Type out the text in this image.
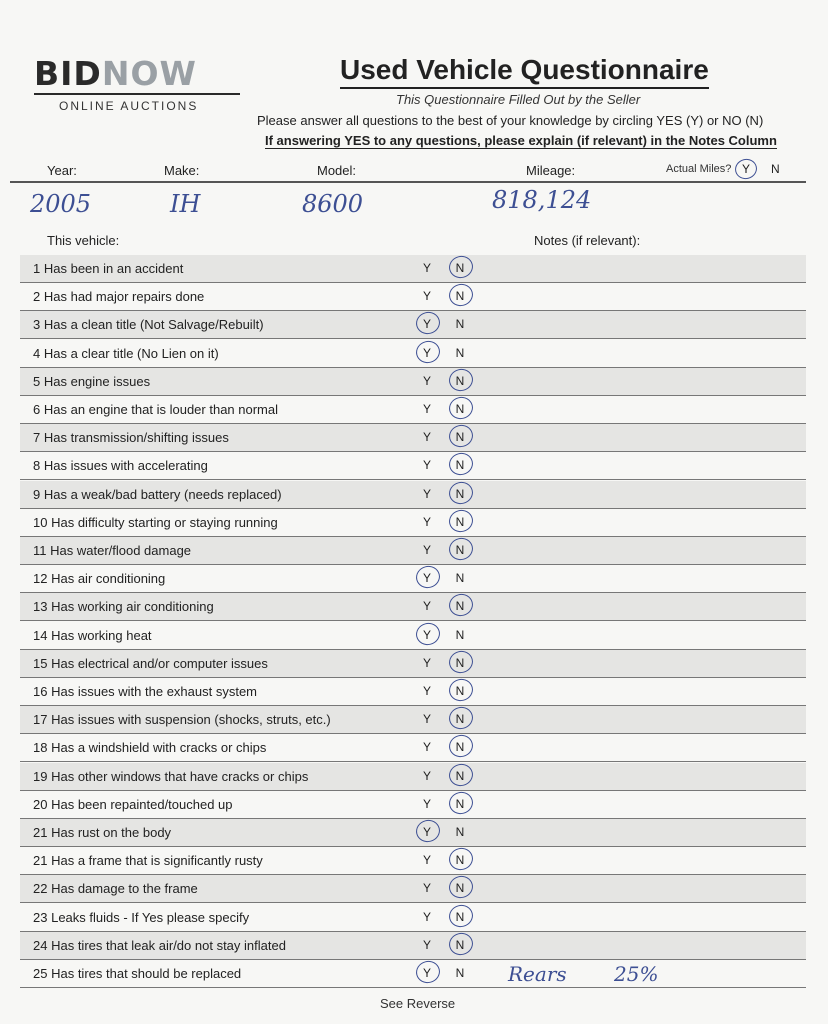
BIDNOW
ONLINE AUCTIONS
Used Vehicle Questionnaire
This Questionnaire Filled Out by the Seller
Please answer all questions to the best of your knowledge by circling YES (Y) or NO (N)
If answering YES to any questions, please explain (if relevant) in the Notes Column
Year:	Make:	Model:	Mileage:	Actual Miles? Y N
2005	IH	8600	818,124
This vehicle:	Notes (if relevant):
1 Has been in an accident	Y N
2 Has had major repairs done	Y N
3 Has a clean title (Not Salvage/Rebuilt)	Y N
4 Has a clear title (No Lien on it)	Y N
5 Has engine issues	Y N
6 Has an engine that is louder than normal	Y N
7 Has transmission/shifting issues	Y N
8 Has issues with accelerating	Y N
9 Has a weak/bad battery (needs replaced)	Y N
10 Has difficulty starting or staying running	Y N
11 Has water/flood damage	Y N
12 Has air conditioning	Y N
13 Has working air conditioning	Y N
14 Has working heat	Y N
15 Has electrical and/or computer issues	Y N
16 Has issues with the exhaust system	Y N
17 Has issues with suspension (shocks, struts, etc.)	Y N
18 Has a windshield with cracks or chips	Y N
19 Has other windows that have cracks or chips	Y N
20 Has been repainted/touched up	Y N
21 Has rust on the body	Y N
21 Has a frame that is significantly rusty	Y N
22 Has damage to the frame	Y N
23 Leaks fluids - If Yes please specify	Y N
24 Has tires that leak air/do not stay inflated	Y N
25 Has tires that should be replaced	Y N Rears 25%
See Reverse
